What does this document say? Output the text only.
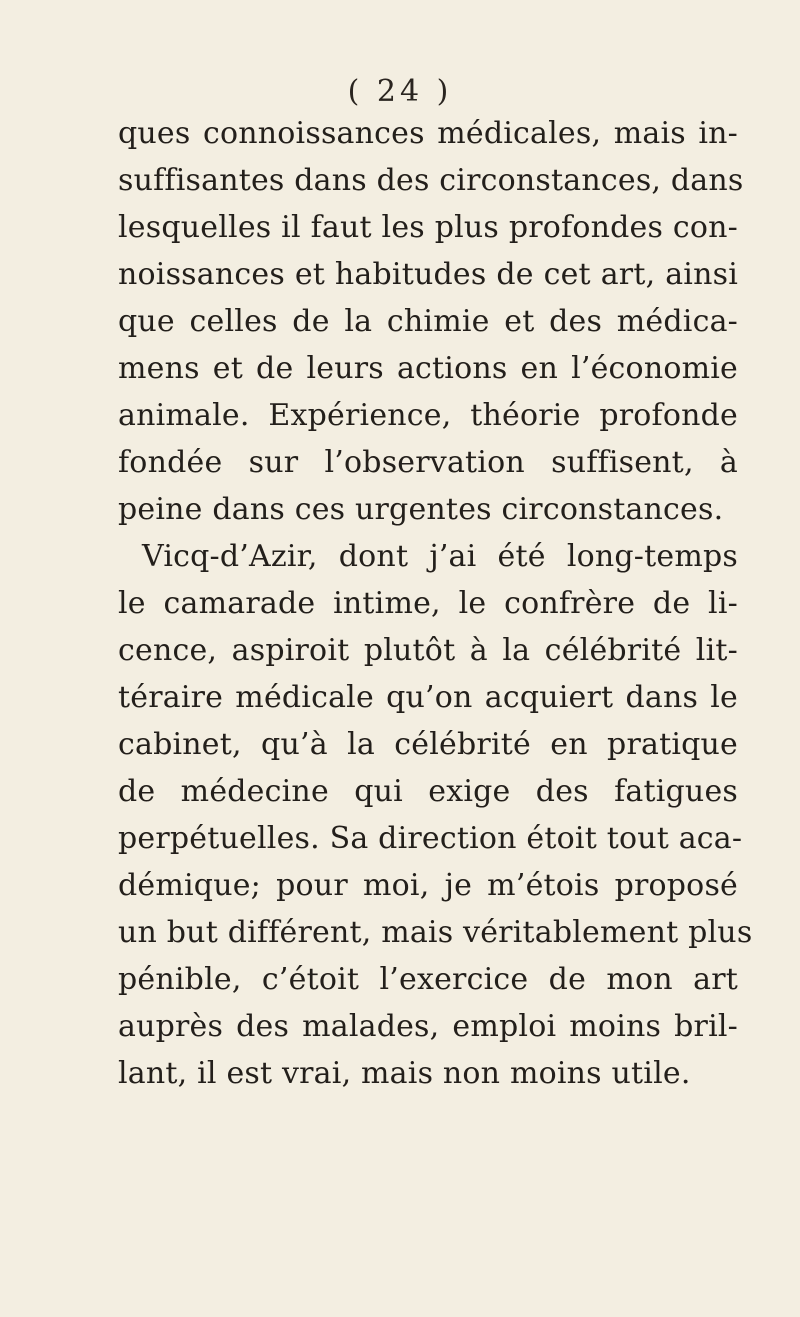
( 24 )
ques connoissances médicales, mais in-
suffisantes dans des circonstances, dans
lesquelles il faut les plus profondes con-
noissances et habitudes de cet art, ainsi
que celles de la chimie et des médica-
mens et de leurs actions en l’économie
animale. Expérience, théorie profonde
fondée sur l’observation suffisent, à
peine dans ces urgentes circonstances.
Vicq-d’Azir, dont j’ai été long-temps
le camarade intime, le confrère de li-
cence, aspiroit plutôt à la célébrité lit-
téraire médicale qu’on acquiert dans le
cabinet, qu’à la célébrité en pratique
de médecine qui exige des fatigues
perpétuelles. Sa direction étoit tout aca-
démique; pour moi, je m’étois proposé
un but différent, mais véritablement plus
pénible, c’étoit l’exercice de mon art
auprès des malades, emploi moins bril-
lant, il est vrai, mais non moins utile.
